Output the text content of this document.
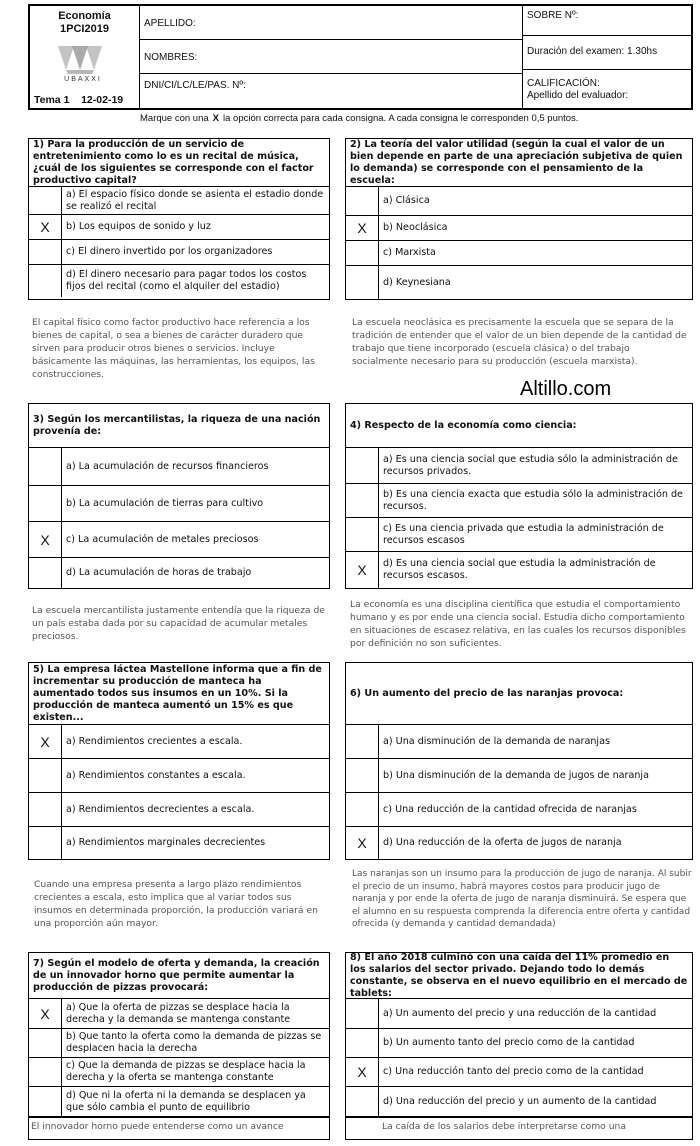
Economía
1PCI2019
UBAXXI
Tema 1 12-02-19
APELLIDO:
NOMBRES:
DNI/CI/LC/LE/PAS. Nº:
SOBRE Nº:
Duración del examen: 1.30hs
CALIFICACIÓN:
Apellido del evaluador:
Marque con una X la opción correcta para cada consigna. A cada consigna le corresponden 0,5 puntos.
1) Para la producción de un servicio de entretenimiento como lo es un recital de música, ¿cuál de los siguientes se corresponde con el factor productivo capital?
a) El espacio físico donde se asienta el estadio donde se realizó el recital
X	b) Los equipos de sonido y luz
c) El dinero invertido por los organizadores
d) El dinero necesario para pagar todos los costos fijos del recital (como el alquiler del estadio)
El capital físico como factor productivo hace referencia a los bienes de capital, o sea a bienes de carácter duradero que sirven para producir otros bienes o servicios. Incluye básicamente las máquinas, las herramientas, los equipos, las construcciones.
2) La teoría del valor utilidad (según la cual el valor de un bien depende en parte de una apreciación subjetiva de quien lo demanda) se corresponde con el pensamiento de la escuela:
a) Clásica
X	b) Neoclásica
c) Marxista
d) Keynesiana
La escuela neoclásica es precisamente la escuela que se separa de la tradición de entender que el valor de un bien depende de la cantidad de trabajo que tiene incorporado (escuela clásica) o del trabajo socialmente necesario para su producción (escuela marxista).
Altillo.com
3) Según los mercantilistas, la riqueza de una nación provenía de:
a) La acumulación de recursos financieros
b) La acumulación de tierras para cultivo
X	c) La acumulación de metales preciosos
d) La acumulación de horas de trabajo
La escuela mercantilista justamente entendía que la riqueza de un país estaba dada por su capacidad de acumular metales preciosos.
4) Respecto de la economía como ciencia:
a) Es una ciencia social que estudia sólo la administración de recursos privados.
b) Es una ciencia exacta que estudia sólo la administración de recursos.
c) Es una ciencia privada que estudia la administración de recursos escasos
X	d) Es una ciencia social que estudia la administración de recursos escasos.
La economía es una disciplina científica que estudia el comportamiento humano y es por ende una ciencia social. Estudia dicho comportamiento en situaciones de escasez relativa, en las cuales los recursos disponibles por definición no son suficientes.
5) La empresa láctea Mastellone informa que a fin de incrementar su producción de manteca ha aumentado todos sus insumos en un 10%. Si la producción de manteca aumentó un 15% es que existen...
X	a) Rendimientos crecientes a escala.
a) Rendimientos constantes a escala.
a) Rendimientos decrecientes a escala.
a) Rendimientos marginales decrecientes
Cuando una empresa presenta a largo plazo rendimientos crecientes a escala, esto implica que al variar todos sus insumos en determinada proporción, la producción variará en una proporción aún mayor.
6) Un aumento del precio de las naranjas provoca:
a) Una disminución de la demanda de naranjas
b) Una disminución de la demanda de jugos de naranja
c) Una reducción de la cantidad ofrecida de naranjas
X	d) Una reducción de la oferta de jugos de naranja
Las naranjas son un insumo para la producción de jugo de naranja. Al subir el precio de un insumo, habrá mayores costos para producir jugo de naranja y por ende la oferta de jugo de naranja disminuirá. Se espera que el alumno en su respuesta comprenda la diferencia entre oferta y cantidad ofrecida (y demanda y cantidad demandada)
7) Según el modelo de oferta y demanda, la creación de un innovador horno que permite aumentar la producción de pizzas provocará:
X	a) Que la oferta de pizzas se desplace hacia la derecha y la demanda se mantenga constante
b) Que tanto la oferta como la demanda de pizzas se desplacen hacia la derecha
c) Que la demanda de pizzas se desplace hacia la derecha y la oferta se mantenga constante
d) Que ni la oferta ni la demanda se desplacen ya que sólo cambia el punto de equilibrio
El innovador horno puede entenderse como un avance
8) El año 2018 culminó con una caída del 11% promedio en los salarios del sector privado. Dejando todo lo demás constante, se observa en el nuevo equilibrio en el mercado de tablets:
a) Un aumento del precio y una reducción de la cantidad
b) Un aumento tanto del precio como de la cantidad
X	c) Una reducción tanto del precio como de la cantidad
d) Una reducción del precio y un aumento de la cantidad
La caída de los salarios debe interpretarse como una
